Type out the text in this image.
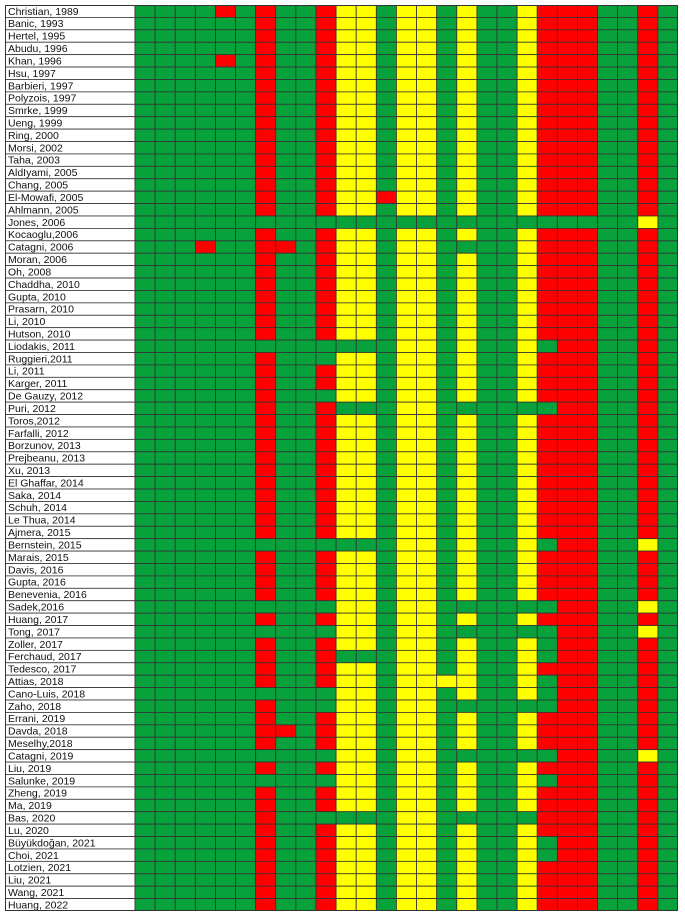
Christian, 1989
Banic, 1993
Hertel, 1995
Abudu, 1996
Khan, 1996
Hsu, 1997
Barbieri, 1997
Polyzois, 1997
Smrke, 1999
Ueng, 1999
Ring, 2000
Morsi, 2002
Taha, 2003
AldIyami, 2005
Chang, 2005
El-Mowafi, 2005
Ahlmann, 2005
Jones, 2006
Kocaoglu,2006
Catagni, 2006
Moran, 2006
Oh, 2008
Chaddha, 2010
Gupta, 2010
Prasarn, 2010
Li, 2010
Hutson, 2010
Liodakis, 2011
Ruggieri,2011
Li, 2011
Karger, 2011
De Gauzy, 2012
Puri, 2012
Toros,2012
Farfalli, 2012
Borzunov, 2013
Prejbeanu, 2013
Xu, 2013
El Ghaffar, 2014
Saka, 2014
Schuh, 2014
Le Thua, 2014
Ajmera, 2015
Bernstein, 2015
Marais, 2015
Davis, 2016
Gupta, 2016
Benevenia, 2016
Sadek,2016
Huang, 2017
Tong, 2017
Zoller, 2017
Ferchaud, 2017
Tedesco, 2017
Attias, 2018
Cano-Luis, 2018
Zaho, 2018
Errani, 2019
Davda, 2018
Meselhy,2018
Catagni, 2019
Liu, 2019
Salunke, 2019
Zheng, 2019
Ma, 2019
Bas, 2020
Lu, 2020
Büyükdoğan, 2021
Choi, 2021
Lotzien, 2021
Liu, 2021
Wang, 2021
Huang, 2022
